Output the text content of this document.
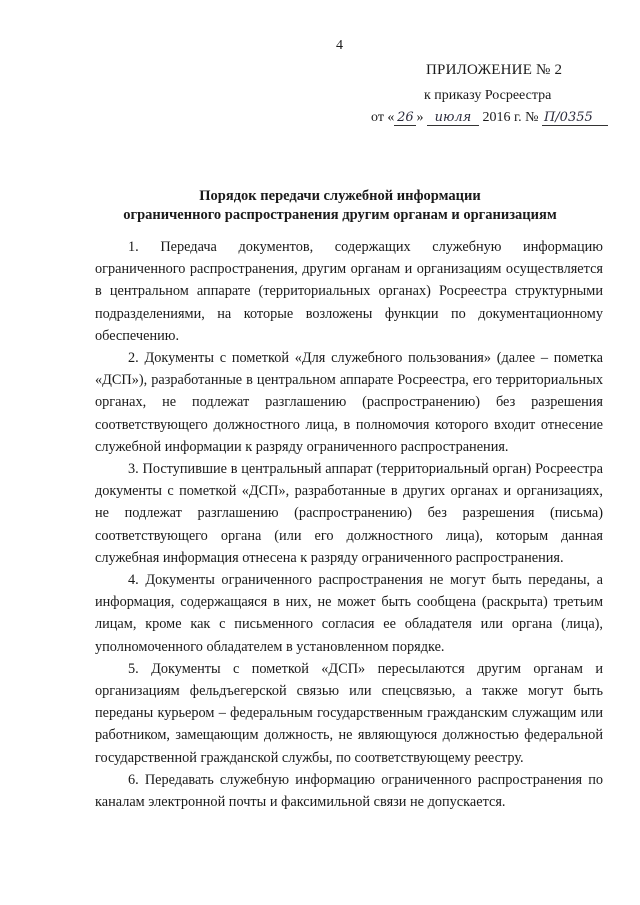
4
ПРИЛОЖЕНИЕ № 2
к приказу Росреестра
от « 26 » июля 2016 г. № П/0355
Порядок передачи служебной информации
ограниченного распространения другим органам и организациям

1. Передача документов, содержащих служебную информацию ограниченного распространения, другим органам и организациям осуществляется в центральном аппарате (территориальных органах) Росреестра структурными подразделениями, на которые возложены функции по документационному обеспечению.

2. Документы с пометкой «Для служебного пользования» (далее – пометка «ДСП»), разработанные в центральном аппарате Росреестра, его территориальных органах, не подлежат разглашению (распространению) без разрешения соответствующего должностного лица, в полномочия которого входит отнесение служебной информации к разряду ограниченного распространения.

3. Поступившие в центральный аппарат (территориальный орган) Росреестра документы с пометкой «ДСП», разработанные в других органах и организациях, не подлежат разглашению (распространению) без разрешения (письма) соответствующего органа (или его должностного лица), которым данная служебная информация отнесена к разряду ограниченного распространения.

4. Документы ограниченного распространения не могут быть переданы, а информация, содержащаяся в них, не может быть сообщена (раскрыта) третьим лицам, кроме как с письменного согласия ее обладателя или органа (лица), уполномоченного обладателем в установленном порядке.

5. Документы с пометкой «ДСП» пересылаются другим органам и организациям фельдъегерской связью или спецсвязью, а также могут быть переданы курьером – федеральным государственным гражданским служащим или работником, замещающим должность, не являющуюся должностью федеральной государственной гражданской службы, по соответствующему реестру.

6. Передавать служебную информацию ограниченного распространения по каналам электронной почты и факсимильной связи не допускается.
